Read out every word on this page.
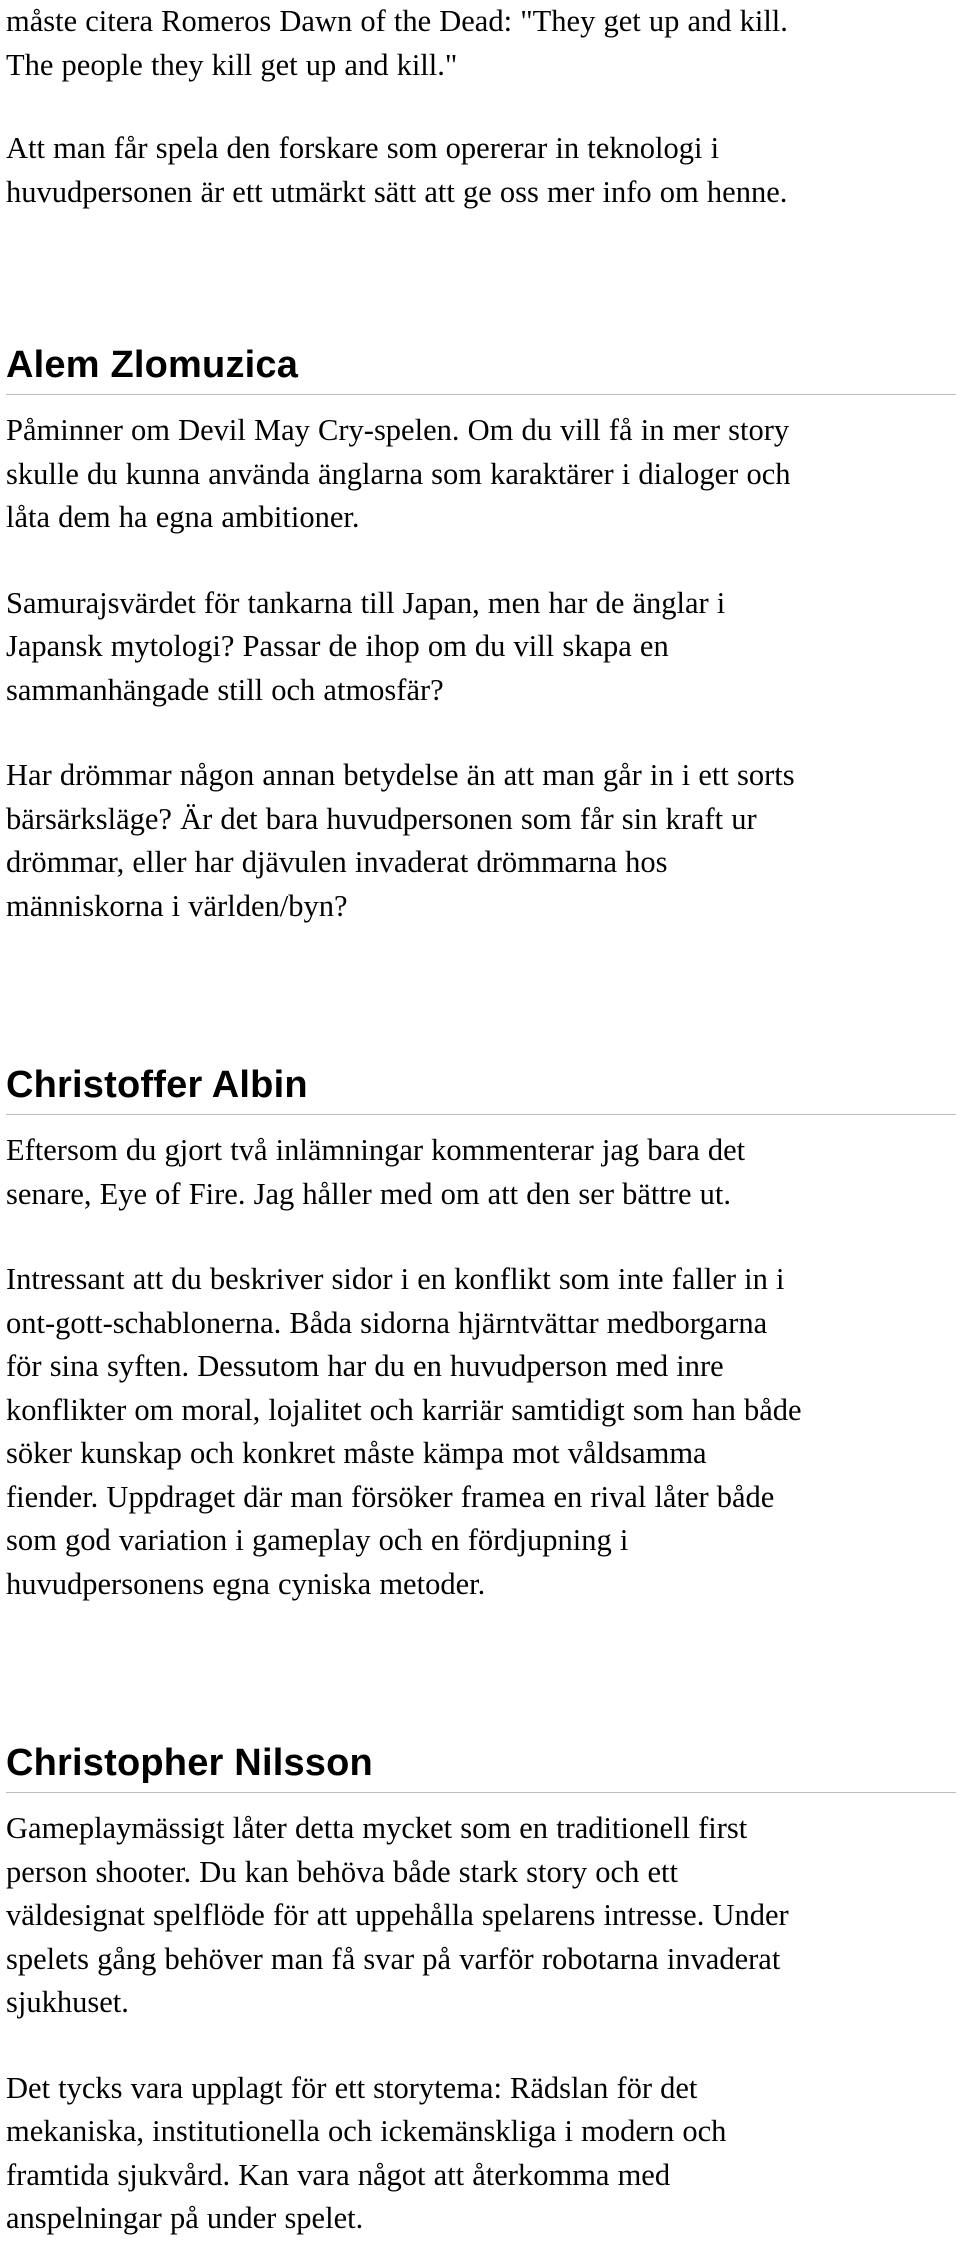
måste citera Romeros Dawn of the Dead: "They get up and kill.
The people they kill get up and kill."

Att man får spela den forskare som opererar in teknologi i
huvudpersonen är ett utmärkt sätt att ge oss mer info om henne.

Alem Zlomuzica

Påminner om Devil May Cry-spelen. Om du vill få in mer story
skulle du kunna använda änglarna som karaktärer i dialoger och
låta dem ha egna ambitioner.

Samurajsvärdet för tankarna till Japan, men har de änglar i
Japansk mytologi? Passar de ihop om du vill skapa en
sammanhängade still och atmosfär?

Har drömmar någon annan betydelse än att man går in i ett sorts
bärsärksläge? Är det bara huvudpersonen som får sin kraft ur
drömmar, eller har djävulen invaderat drömmarna hos
människorna i världen/byn?

Christoffer Albin

Eftersom du gjort två inlämningar kommenterar jag bara det
senare, Eye of Fire. Jag håller med om att den ser bättre ut.

Intressant att du beskriver sidor i en konflikt som inte faller in i
ont-gott-schablonerna. Båda sidorna hjärntvättar medborgarna
för sina syften. Dessutom har du en huvudperson med inre
konflikter om moral, lojalitet och karriär samtidigt som han både
söker kunskap och konkret måste kämpa mot våldsamma
fiender. Uppdraget där man försöker framea en rival låter både
som god variation i gameplay och en fördjupning i
huvudpersonens egna cyniska metoder.

Christopher Nilsson

Gameplaymässigt låter detta mycket som en traditionell first
person shooter. Du kan behöva både stark story och ett
väldesignat spelflöde för att uppehålla spelarens intresse. Under
spelets gång behöver man få svar på varför robotarna invaderat
sjukhuset.

Det tycks vara upplagt för ett storytema: Rädslan för det
mekaniska, institutionella och ickemänskliga i modern och
framtida sjukvård. Kan vara något att återkomma med
anspelningar på under spelet.
